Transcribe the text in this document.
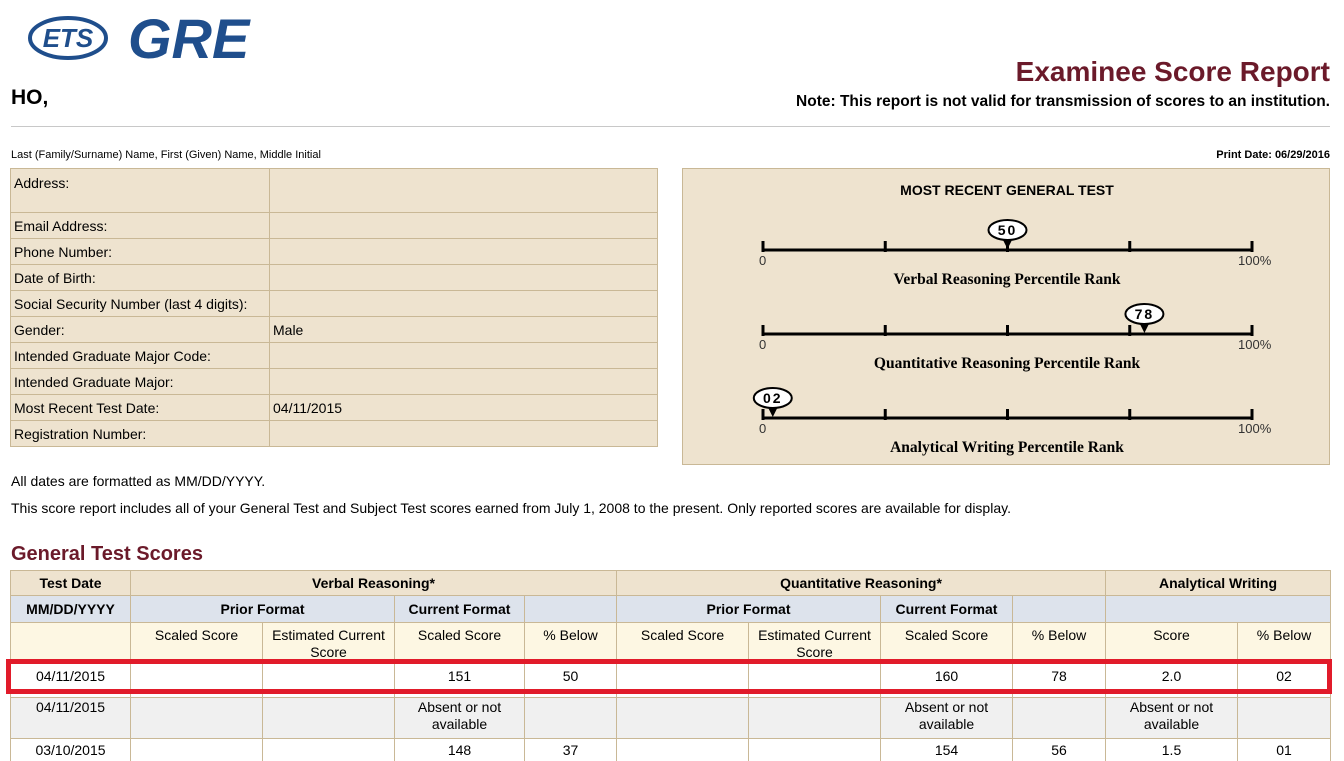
ETS GRE
HO,
Examinee Score Report
Note: This report is not valid for transmission of scores to an institution.
Last (Family/Surname) Name, First (Given) Name, Middle Initial	Print Date: 06/29/2016
Address:	
Email Address:	
Phone Number:	
Date of Birth:	
Social Security Number (last 4 digits):	
Gender:	Male
Intended Graduate Major Code:	
Intended Graduate Major:	
Most Recent Test Date:	04/11/2015
Registration Number:	
MOST RECENT GENERAL TEST
0	100%
50
Verbal Reasoning Percentile Rank
0	100%
78
Quantitative Reasoning Percentile Rank
0	100%
02
Analytical Writing Percentile Rank
All dates are formatted as MM/DD/YYYY.
This score report includes all of your General Test and Subject Test scores earned from July 1, 2008 to the present. Only reported scores are available for display.
General Test Scores
Test Date	Verbal Reasoning*				Quantitative Reasoning*				Analytical Writing	
MM/DD/YYYY	Prior Format		Current Format		Prior Format		Current Format			
	Scaled Score	Estimated Current Score	Scaled Score	% Below	Scaled Score	Estimated Current Score	Scaled Score	% Below	Score	% Below
04/11/2015			151	50			160	78	2.0	02
04/11/2015			Absent or not available				Absent or not available		Absent or not available	
03/10/2015			148	37			154	56	1.5	01
